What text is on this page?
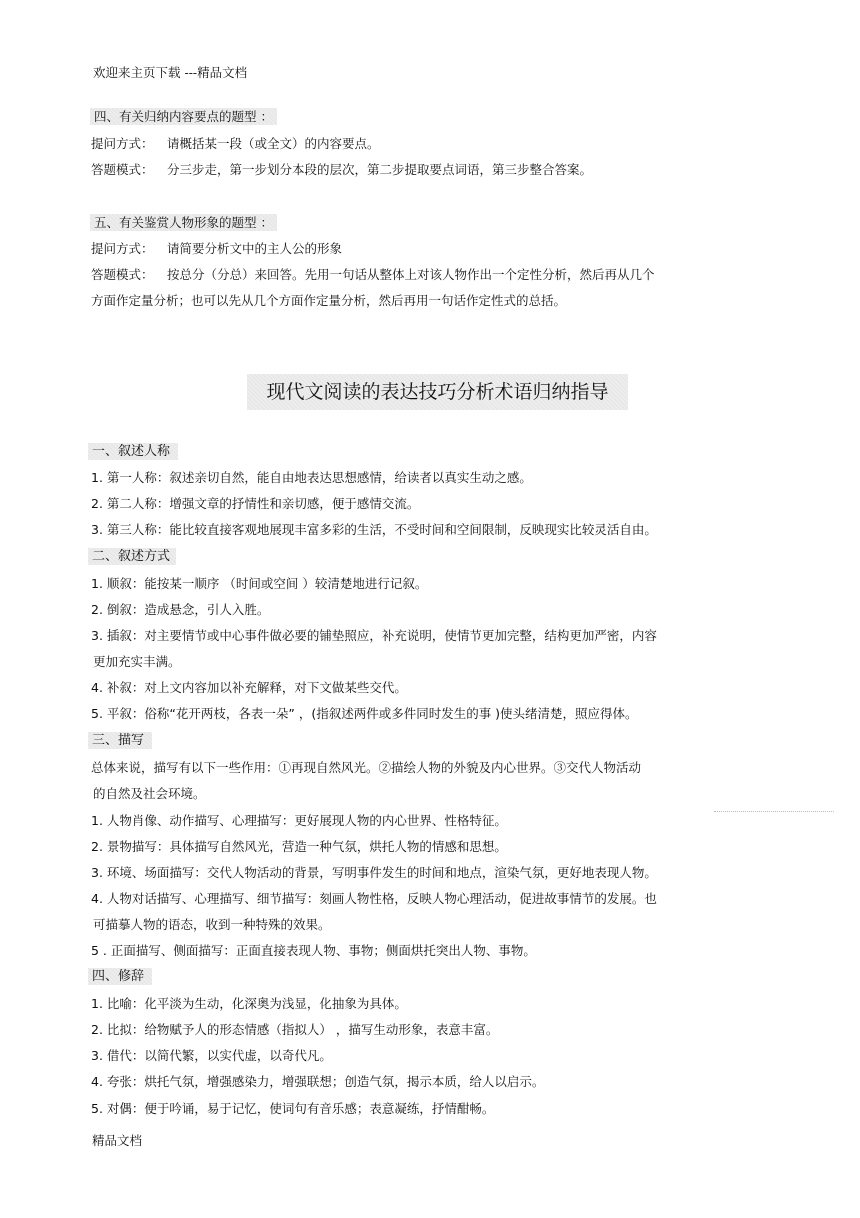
欢迎来主页下载 ---精品文档
四、有关归纳内容要点的题型 ：
提问方式： 请概括某一段（或全文）的内容要点。
答题模式： 分三步走，第一步划分本段的层次，第二步提取要点词语，第三步整合答案。
五、有关鉴赏人物形象的题型 ：
提问方式： 请简要分析文中的主人公的形象
答题模式： 按总分（分总）来回答。先用一句话从整体上对该人物作出一个定性分析，然后再从几个
方面作定量分析；也可以先从几个方面作定量分析，然后再用一句话作定性式的总括。
现代文阅读的表达技巧分析术语归纳指导
一、叙述人称
1. 第一人称：叙述亲切自然，能自由地表达思想感情，给读者以真实生动之感。
2. 第二人称：增强文章的抒情性和亲切感，便于感情交流。
3. 第三人称：能比较直接客观地展现丰富多彩的生活，不受时间和空间限制，反映现实比较灵活自由。
二、叙述方式
1. 顺叙：能按某一顺序 （时间或空间 ）较清楚地进行记叙。
2. 倒叙：造成悬念，引人入胜。
3. 插叙：对主要情节或中心事件做必要的铺垫照应，补充说明，使情节更加完整，结构更加严密，内容
更加充实丰满。
4. 补叙：对上文内容加以补充解释，对下文做某些交代。
5. 平叙：俗称“花开两枝，各表一朵” ，(指叙述两件或多件同时发生的事 )使头绪清楚，照应得体。
三、描写
总体来说，描写有以下一些作用：①再现自然风光。②描绘人物的外貌及内心世界。③交代人物活动
的自然及社会环境。
1. 人物肖像、动作描写、心理描写：更好展现人物的内心世界、性格特征。
2. 景物描写：具体描写自然风光，营造一种气氛，烘托人物的情感和思想。
3. 环境、场面描写：交代人物活动的背景，写明事件发生的时间和地点，渲染气氛，更好地表现人物。
4. 人物对话描写、心理描写、细节描写：刻画人物性格，反映人物心理活动，促进故事情节的发展。也
可描摹人物的语态，收到一种特殊的效果。
5 . 正面描写、侧面描写：正面直接表现人物、事物；侧面烘托突出人物、事物。
四、修辞
1. 比喻：化平淡为生动，化深奥为浅显，化抽象为具体。
2. 比拟：给物赋予人的形态情感（指拟人） ，描写生动形象，表意丰富。
3. 借代：以简代繁，以实代虚，以奇代凡。
4. 夸张：烘托气氛，增强感染力，增强联想；创造气氛，揭示本质，给人以启示。
5. 对偶：便于吟诵，易于记忆，使词句有音乐感；表意凝练，抒情酣畅。
精品文档
